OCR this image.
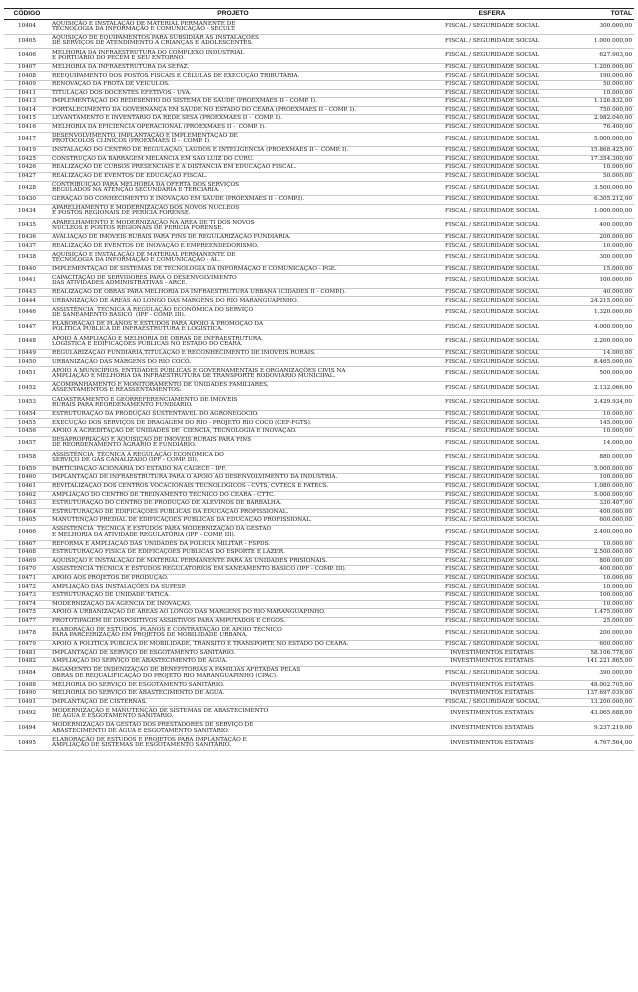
CÓDIGO	PROJETO	ESFERA	TOTAL
10404	AQUISIÇÃO E INSTALAÇÃO DE MATERIAL PERMANENTE DE
TECNOLOGIA DA INFORMAÇÃO E COMUNICAÇÃO - SECULT.	FISCAL / SEGURIDADE SOCIAL	300.000,00
10405	AQUISIÇÃO DE EQUIPAMENTOS PARA SUBSIDIAR AS INSTALAÇÕES
DE SERVIÇOS DE ATENDIMENTO A CRIANÇAS E ADOLESCENTES.	FISCAL / SEGURIDADE SOCIAL	1.000.000,00
10406	MELHORIA DA INFRAESTRUTURA DO COMPLEXO INDUSTRIAL
E PORTUÁRIO DO PECÉM E SEU ENTORNO.	FISCAL / SEGURIDADE SOCIAL	627.903,00
10407	MELHORIA DA INFRAESTRUTURA DA SEFAZ.	FISCAL / SEGURIDADE SOCIAL	1.200.000,00
10408	REEQUIPAMENTO DOS POSTOS FISCAIS E CÉLULAS DE EXECUÇÃO TRIBUTÁRIA.	FISCAL / SEGURIDADE SOCIAL	190.000,00
10409	RENOVAÇÃO DA FROTA DE VEÍCULOS.	FISCAL / SEGURIDADE SOCIAL	50.000,00
10411	TITULAÇÃO DOS DOCENTES EFETIVOS - UVA.	FISCAL / SEGURIDADE SOCIAL	10.000,00
10413	IMPLEMENTAÇÃO DO REDESENHO DO SISTEMA DE SAÚDE (PROEXMAES II - COMP. I).	FISCAL / SEGURIDADE SOCIAL	1.126.832,00
10414	FORTALECIMENTO DA GOVERNANÇA EM SAÚDE NO ESTADO DO CEARÁ (PROEXMAES II - COMP. I).	FISCAL / SEGURIDADE SOCIAL	750.000,00
10415	LEVANTAMENTO E INVENTÁRIO DA REDE SESA (PROEXMAES II -  COMP. I).	FISCAL / SEGURIDADE SOCIAL	2.982.040,00
10416	MELHORIA DA EFICIÊNCIA OPERACIONAL (PROEXMAES II -  COMP. I).	FISCAL / SEGURIDADE SOCIAL	76.400,00
10417	DESENVOLVIMENTO, IMPLANTAÇÃO E IMPLEMENTAÇÃO DE
PROTOCOLOS CLÍNICOS (PROEXMAES II -  COMP. I).	FISCAL / SEGURIDADE SOCIAL	5.000.000,00
10419	INSTALAÇÃO DO CENTRO DE REGULAÇÃO, LAUDOS E INTELIGÊNCIA (PROEXMAES II -  COMP. I).	FISCAL / SEGURIDADE SOCIAL	15.868.425,00
10425	CONSTRUÇÃO DA BARRAGEM MELANCIA EM SÃO LUIZ DO CURU.	FISCAL / SEGURIDADE SOCIAL	17.354.300,00
10426	REALIZAÇÃO DE CURSOS PRESENCIAIS E A DISTÂNCIA EM EDUCAÇÃO FISCAL.	FISCAL / SEGURIDADE SOCIAL	10.000,00
10427	REALIZAÇÃO DE EVENTOS DE EDUCAÇÃO FISCAL.	FISCAL / SEGURIDADE SOCIAL	50.000,00
10428	CONTRIBUIÇÃO PARA MELHORIA DA OFERTA DOS SERVIÇOS
REGULADOS NA ATENÇÃO SECUNDÁRIA E TERCIÁRIA.	FISCAL / SEGURIDADE SOCIAL	3.500.000,00
10430	GERAÇÃO DO CONHECIMENTO E INOVAÇÃO EM SAÚDE (PROEXMAES II - COMP.I).	FISCAL / SEGURIDADE SOCIAL	6.305.212,00
10434	APARELHAMENTO E MODERNIZAÇÃO DOS NOVOS NÚCLEOS
E POSTOS REGIONAIS DE PERÍCIA FORENSE.	FISCAL / SEGURIDADE SOCIAL	1.000.000,00
10435	APARELHAMENTO E MODERNIZAÇÃO NA ÁREA DE TI DOS NOVOS
NÚCLEOS E POSTOS REGIONAIS DE PERÍCIA FORENSE.	FISCAL / SEGURIDADE SOCIAL	400.000,00
10436	AVALIAÇÃO DE IMÓVEIS RURAIS PARA FINS DE REGULARIZAÇÃO FUNDIÁRIA.	FISCAL / SEGURIDADE SOCIAL	200.000,00
10437	REALIZAÇÃO DE EVENTOS DE INOVAÇÃO E EMPREENDEDORISMO.	FISCAL / SEGURIDADE SOCIAL	10.000,00
10438	AQUISIÇÃO E INSTALAÇÃO DE MATERIAL PERMANENTE DE
TECNOLOGIA DA INFORMAÇÃO E COMUNICAÇÃO - AL.	FISCAL / SEGURIDADE SOCIAL	300.000,00
10440	IMPLEMENTAÇÃO DE SISTEMAS DE TECNOLOGIA DA INFORMAÇÃO E COMUNICAÇÃO - PGE.	FISCAL / SEGURIDADE SOCIAL	15.000,00
10441	CAPACITAÇÃO DE SERVIDORES PARA O DESENVOLVIMENTO
DAS ATIVIDADES ADMINISTRATIVAS - ARCE.	FISCAL / SEGURIDADE SOCIAL	100.000,00
10443	REALIZAÇÃO DE OBRAS PARA MELHORIA DA INFRAESTRUTURA URBANA (CIDADES II - COMP.I).	FISCAL / SEGURIDADE SOCIAL	40.000,00
10444	URBANIZAÇÃO DE ÁREAS AO LONGO DAS MARGENS DO RIO MARANGUAPINHO.	FISCAL / SEGURIDADE SOCIAL	24.215.000,00
10446	ASSISTÊNCIA  TÉCNICA À REGULAÇÃO ECONÔMICA DO SERVIÇO
DE SANEAMENTO BÁSICO  (IPF - COMP. III).	FISCAL / SEGURIDADE SOCIAL	1.320.000,00
10447	ELABORAÇÃO DE PLANOS E ESTUDOS PARA APOIO A PROMOÇÃO DA
POLÍTICA PÚBLICA DE INFRAESTRUTURA E LOGÍSTICA.	FISCAL / SEGURIDADE SOCIAL	4.000.000,00
10448	APOIO À AMPLIAÇÃO E MELHORIA DE OBRAS DE INFRAESTRUTURA,
LOGÍSTICA E EDIFICAÇÕES PÚBLICAS NO ESTADO DO CEARÁ.	FISCAL / SEGURIDADE SOCIAL	2.200.000,00
10449	REGULARIZAÇÃO FUNDIÁRIA,TITULAÇÃO E RECONHECIMENTO DE IMÓVEIS RURAIS.	FISCAL / SEGURIDADE SOCIAL	14.000,00
10450	URBANIZAÇÃO DAS MARGENS DO RIO COCÓ.	FISCAL / SEGURIDADE SOCIAL	8.465.000,00
10451	APOIO A MUNICÍPIOS, ENTIDADES PÚBLICAS E GOVERNAMENTAIS E ORGANIZAÇÕES CIVIS NA
AMPLIAÇÃO E MELHORIA DA INFRAESTRUTURA DE TRANSPORTE RODOVIÁRIO MUNICIPAL.	FISCAL / SEGURIDADE SOCIAL	500.000,00
10452	ACOMPANHAMENTO E MONITORAMENTO DE UNIDADES FAMILIARES,
ASSENTAMENTOS E REASSENTAMENTOS.	FISCAL / SEGURIDADE SOCIAL	2.132.066,00
10453	CADASTRAMENTO E GEORREFERENCIAMENTO DE IMÓVEIS
RURAIS PARA REORDENAMENTO FUNDIÁRIO.	FISCAL / SEGURIDADE SOCIAL	2.429.934,00
10454	ESTRUTURAÇÃO DA PRODUÇÃO SUSTENTÁVEL DO AGRONEGÓCIO.	FISCAL / SEGURIDADE SOCIAL	10.000,00
10455	EXECUÇÃO DOS SERVIÇOS DE DRAGAGEM DO RIO - PROJETO RIO COCÓ (CEF-FGTS).	FISCAL / SEGURIDADE SOCIAL	145.000,00
10456	APOIO À ACREDITAÇÃO DE UNIDADES DE  CIÊNCIA, TECNOLOGIA E INOVAÇÃO.	FISCAL / SEGURIDADE SOCIAL	10.000,00
10457	DESAPROPRIAÇÃO E AQUISIÇÃO DE IMÓVEIS RURAIS PARA FINS
DE REORDENAMENTO AGRÁRIO E FUNDIÁRIO.	FISCAL / SEGURIDADE SOCIAL	14.000,00
10458	ASSISTÊNCIA  TÉCNICA À REGULAÇÃO ECONÔMICA DO
SERVIÇO DE GÁS CANALIZADO (IPF - COMP. III).	FISCAL / SEGURIDADE SOCIAL	880.000,00
10459	PARTICIPAÇÃO ACIONÁRIA DO ESTADO NA CAGECE - IPF.	FISCAL / SEGURIDADE SOCIAL	5.000.000,00
10460	IMPLANTAÇÃO DE INFRAESTRUTURA PARA O APOIO AO DESENVOLVIMENTO DA INDÚSTRIA.	FISCAL / SEGURIDADE SOCIAL	100.000,00
10461	REVITALIZAÇÃO DOS CENTROS VOCACIONAIS TECNOLÓGICOS - CVTS, CVTECS E FATECS.	FISCAL / SEGURIDADE SOCIAL	1.080.000,00
10462	AMPLIAÇÃO DO CENTRO DE TREINAMENTO TÉCNICO DO CEARÁ - CTTC.	FISCAL / SEGURIDADE SOCIAL	5.000.000,00
10463	ESTRUTURAÇÃO DO CENTRO DE PRODUÇÃO DE ALEVINOS DE BARBALHA.	FISCAL / SEGURIDADE SOCIAL	330.407,00
10464	ESTRUTURAÇÃO DE EDIFICAÇÕES PÚBLICAS DA EDUCAÇÃO PROFISSIONAL.	FISCAL / SEGURIDADE SOCIAL	400.000,00
10465	MANUTENÇÃO PREDIAL DE EDIFICAÇÕES PÚBLICAS DA EDUCAÇÃO PROFISSIONAL.	FISCAL / SEGURIDADE SOCIAL	600.000,00
10466	ASSISTÊNCIA  TÉCNICA E ESTUDOS PARA MODERNIZAÇÃO DA GESTÃO
E MELHORIA DA ATIVIDADE REGULATÓRIA (IPF - COMP. III).	FISCAL / SEGURIDADE SOCIAL	2.400.000,00
10467	REFORMA E AMPLIAÇÃO DAS UNIDADES DA POLÍCIA MILITAR - FSPDS.	FISCAL / SEGURIDADE SOCIAL	10.000,00
10468	ESTRUTURAÇÃO FÍSICA DE EDIFICAÇÕES PÚBLICAS DO ESPORTE E LAZER.	FISCAL / SEGURIDADE SOCIAL	2.500.000,00
10469	AQUISIÇÃO E INSTALAÇÃO DE MATERIAL PERMANENTE PARA AS UNIDADES PRISIONAIS.	FISCAL / SEGURIDADE SOCIAL	800.000,00
10470	ASSISTÊNCIA TÉCNICA E ESTUDOS REGULATÓRIOS EM SANEAMENTO BÁSICO (IPF - COMP. III).	FISCAL / SEGURIDADE SOCIAL	400.000,00
10471	APOIO AOS PROJETOS DE PRODUÇÃO.	FISCAL / SEGURIDADE SOCIAL	10.000,00
10472	AMPLIAÇÃO DAS INSTALAÇÕES DA SUPESP.	FISCAL / SEGURIDADE SOCIAL	10.000,00
10473	ESTRUTURAÇÃO DE UNIDADE TÁTICA.	FISCAL / SEGURIDADE SOCIAL	100.000,00
10474	MODERNIZAÇÃO DA AGÊNCIA DE INOVAÇÃO.	FISCAL / SEGURIDADE SOCIAL	10.000,00
10475	APOIO À URBANIZAÇÃO DE ÁREAS AO LONGO DAS MARGENS DO RIO MARANGUAPINHO.	FISCAL / SEGURIDADE SOCIAL	1.475.000,00
10477	PROTOTIPAGEM DE DISPOSITIVOS ASSISTIVOS PARA AMPUTADOS E CEGOS.	FISCAL / SEGURIDADE SOCIAL	25.000,00
10478	ELABORAÇÃO DE ESTUDOS, PLANOS E CONTRATAÇÃO DE APOIO TÉCNICO
PARA PARCEIRIZAÇÃO EM PROJETOS DE MOBILIDADE URBANA.	FISCAL / SEGURIDADE SOCIAL	200.000,00
10479	APOIO À POLÍTICA PÚBLICA DE MOBILIDADE, TRÂNSITO E TRANSPORTE NO ESTADO DO CEARÁ.	FISCAL / SEGURIDADE SOCIAL	600.000,00
10481	IMPLANTAÇÃO DE SERVIÇO DE ESGOTAMENTO SANITÁRIO.	INVESTIMENTOS ESTATAIS	58.106.778,00
10482	AMPLIAÇÃO DO SERVIÇO DE ABASTECIMENTO DE ÁGUA.	INVESTIMENTOS ESTATAIS	141.221.865,00
10484	PAGAMENTO DE INDENIZAÇÃO DE BENEFITORIAS À FAMÍLIAS AFETADAS PELAS
OBRAS DE REQUALIFICAÇÃO DO PROJETO RIO MARANGUAPINHO (CPAC).	FISCAL / SEGURIDADE SOCIAL	390.000,00
10488	MELHORIA DO SERVIÇO DE ESGOTAMENTO SANITÁRIO.	INVESTIMENTOS ESTATAIS	48.002.705,00
10490	MELHORIA DO SERVIÇO DE ABASTECIMENTO DE ÁGUA.	INVESTIMENTOS ESTATAIS	137.697.039,00
10491	IMPLANTAÇÃO DE CISTERNAS.	FISCAL / SEGURIDADE SOCIAL	13.200.000,00
10492	MODERNIZAÇÃO E MANUTENÇÃO DE SISTEMAS DE ABASTECIMENTO
DE ÁGUA E ESGOTAMENTO SANITÁRIO.	INVESTIMENTOS ESTATAIS	43.065.688,00
10494	MODERNIZAÇÃO DA GESTÃO DOS PRESTADORES DE SERVIÇO DE
ABASTECIMENTO DE ÁGUA E ESGOTAMENTO SANITÁRIO.	INVESTIMENTOS ESTATAIS	9.237.219,00
10495	ELABORAÇÃO DE ESTUDOS E PROJETOS PARA IMPLANTAÇÃO E
AMPLIAÇÃO DE SISTEMAS DE ESGOTAMENTO SANITÁRIO.	INVESTIMENTOS ESTATAIS	4.767.564,00
